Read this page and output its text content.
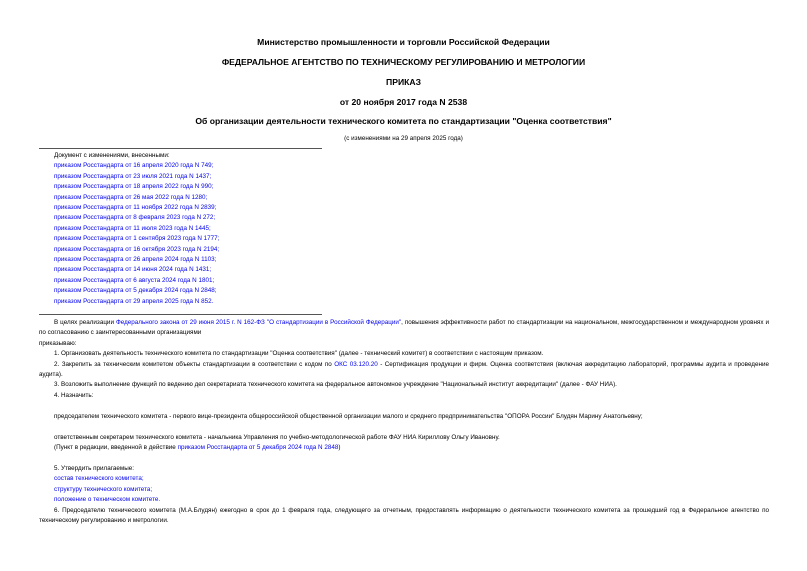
Министерство промышленности и торговли Российской Федерации
ФЕДЕРАЛЬНОЕ АГЕНТСТВО ПО ТЕХНИЧЕСКОМУ РЕГУЛИРОВАНИЮ И МЕТРОЛОГИИ
ПРИКАЗ
от 20 ноября 2017 года N 2538
Об организации деятельности технического комитета по стандартизации "Оценка соответствия"
(с изменениями на 29 апреля 2025 года)
Документ с изменениями, внесенными:
приказом Росстандарта от 16 апреля 2020 года N 749;
приказом Росстандарта от 23 июля 2021 года N 1437;
приказом Росстандарта от 18 апреля 2022 года N 990;
приказом Росстандарта от 26 мая 2022 года N 1280;
приказом Росстандарта от 11 ноября 2022 года N 2839;
приказом Росстандарта от 8 февраля 2023 года N 272;
приказом Росстандарта от 11 июля 2023 года N 1445;
приказом Росстандарта от 1 сентября 2023 года N 1777;
приказом Росстандарта от 16 октября 2023 года N 2194;
приказом Росстандарта от 26 апреля 2024 года N 1103;
приказом Росстандарта от 14 июня 2024 года N 1431;
приказом Росстандарта от 6 августа 2024 года N 1801;
приказом Росстандарта от 5 декабря 2024 года N 2848;
приказом Росстандарта от 29 апреля 2025 года N 852.

В целях реализации Федерального закона от 29 июня 2015 г. N 162-ФЗ "О стандартизации в Российской Федерации", повышения эффективности работ по стандартизации на национальном, межгосударственном и международном уровнях и по согласованию с заинтересованными организациями

приказываю:

1. Организовать деятельность технического комитета по стандартизации "Оценка соответствия" (далее - технический комитет) в соответствии с настоящим приказом.

2. Закрепить за техническим комитетом объекты стандартизации в соответствии с кодом по ОКС 03.120.20 - Сертификация продукции и фирм. Оценка соответствия (включая аккредитацию лабораторий, программы аудита и проведение аудита).

3. Возложить выполнение функций по ведению дел секретариата технического комитета на федеральное автономное учреждение "Национальный институт аккредитации" (далее - ФАУ НИА).

4. Назначить:

председателем технического комитета - первого вице-президента общероссийской общественной организации малого и среднего предпринимательства "ОПОРА России" Блудян Марину Анатольевну;

ответственным секретарем технического комитета - начальника Управления по учебно-методологической работе ФАУ НИА Кириллову Ольгу Ивановну.

(Пункт в редакции, введенной в действие приказом Росстандарта от 5 декабря 2024 года N 2848)

5. Утвердить прилагаемые:

состав технического комитета;

структуру технического комитета;

положение о техническом комитете.

6. Председателю технического комитета (М.А.Блудян) ежегодно в срок до 1 февраля года, следующего за отчетным, предоставлять информацию о деятельности технического комитета за прошедший год в Федеральное агентство по техническому регулированию и метрологии.
